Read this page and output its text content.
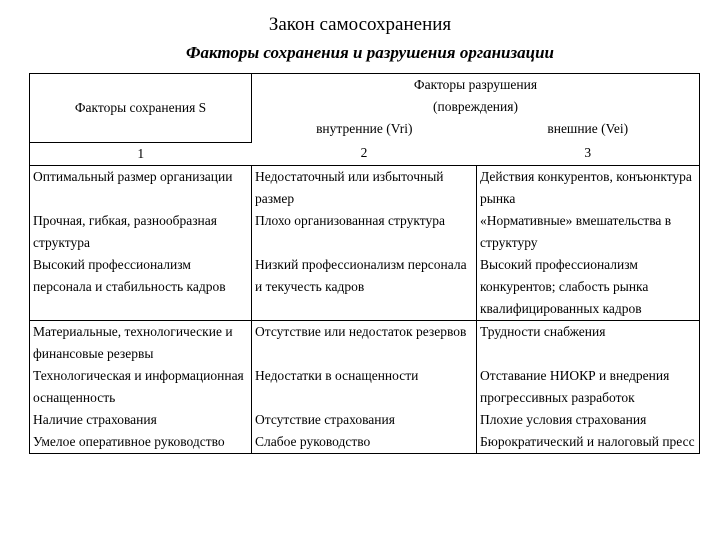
Закон самосохранения
Факторы сохранения и разрушения организации
Факторы сохранения S	Факторы разрушения
(повреждения)	

	внутренние (Vri)	внешние (Vei)
1	2	3
Оптимальный размер организации	Недостаточный или избыточный размер	Действия конкурентов, конъюнктура рынка
Прочная, гибкая, разнообразная структура	Плохо организованная структура	«Нормативные» вмешательства в структуру
Высокий профессионализм персонала и стабильность кадров	Низкий профессионализм персонала и текучесть кадров	Высокий профессионализм конкурентов; слабость рынка квалифицированных кадров
Материальные, технологические и финансовые резервы	Отсутствие или недостаток резервов	Трудности снабжения
Технологическая и информационная оснащенность	Недостатки в оснащенности	Отставание НИОКР и внедрения прогрессивных разработок
Наличие страхования	Отсутствие страхования	Плохие условия страхования
Умелое оперативное руководство	Слабое руководство	Бюрократический и налоговый пресс
